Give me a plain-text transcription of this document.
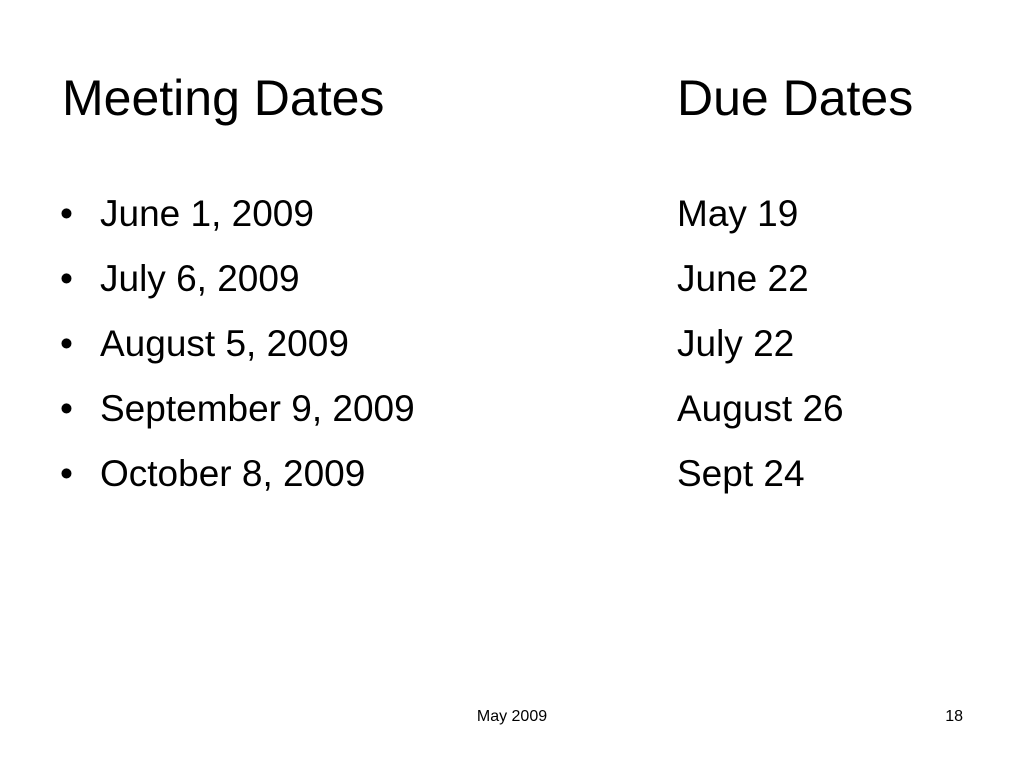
Meeting Dates	Due Dates
• June 1, 2009
• July 6, 2009
• August 5, 2009
• September 9, 2009
• October 8, 2009
May 19
June 22
July 22
August 26
Sept 24
May 2009	18
